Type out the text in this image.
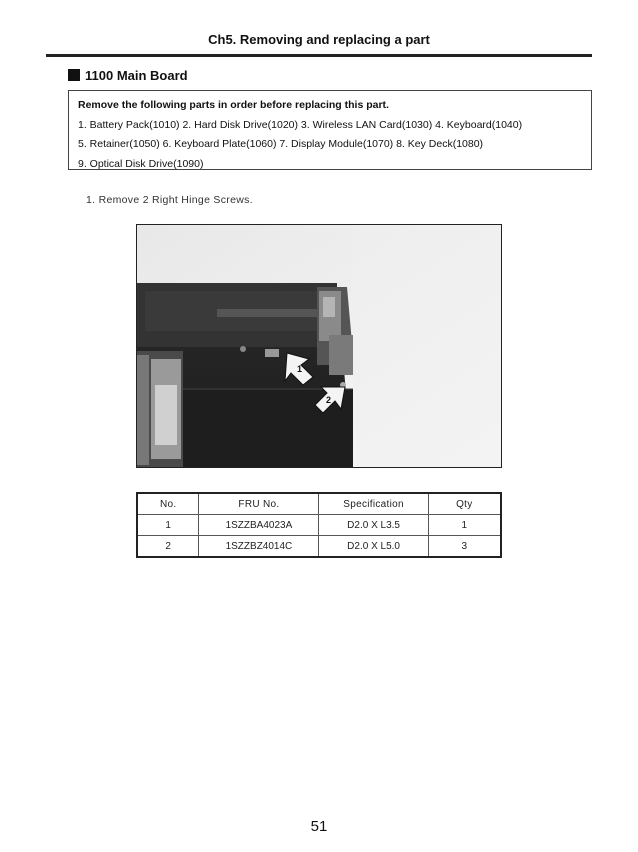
Ch5. Removing and replacing a part
1100 Main Board
Remove the following parts in order before replacing this part.
1. Battery Pack(1010) 2. Hard Disk Drive(1020) 3. Wireless LAN Card(1030) 4. Keyboard(1040)
5. Retainer(1050) 6. Keyboard Plate(1060) 7. Display Module(1070) 8. Key Deck(1080)
9. Optical Disk Drive(1090)
1. Remove 2 Right Hinge Screws.
1
2
No.	FRU No.	Specification	Qty
1	1SZZBA4023A	D2.0 X L3.5	1
2	1SZZBZ4014C	D2.0 X L5.0	3
51
